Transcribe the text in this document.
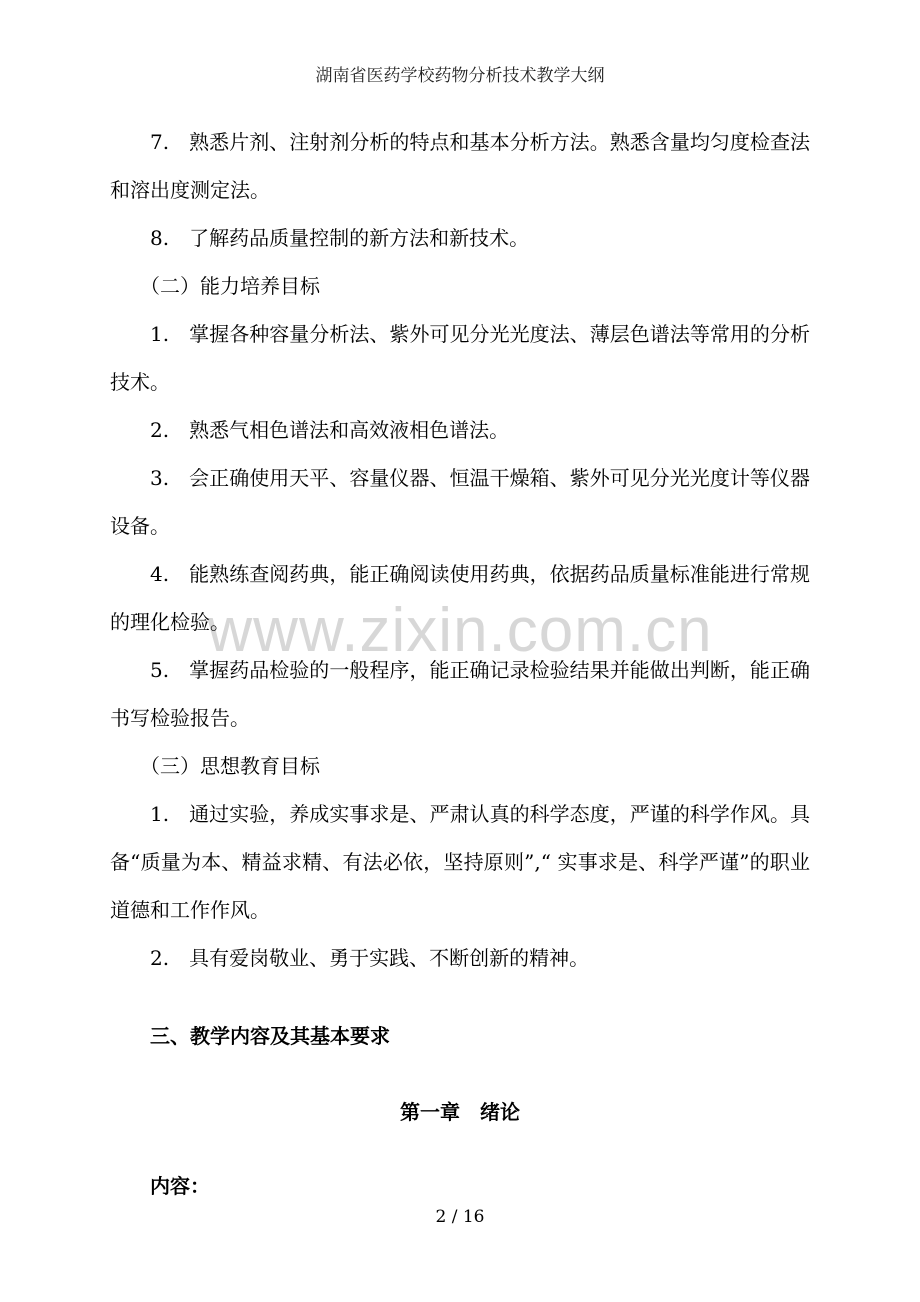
湖南省医药学校药物分析技术教学大纲
www.zixin.com.cn

7.　熟悉片剂、注射剂分析的特点和基本分析方法。熟悉含量均匀度检查法和溶出度测定法。

8.　了解药品质量控制的新方法和新技术。

（二）能力培养目标

1.　掌握各种容量分析法、紫外可见分光光度法、薄层色谱法等常用的分析技术。

2.　熟悉气相色谱法和高效液相色谱法。

3.　会正确使用天平、容量仪器、恒温干燥箱、紫外可见分光光度计等仪器设备。

4.　能熟练查阅药典，能正确阅读使用药典，依据药品质量标准能进行常规的理化检验。

5.　掌握药品检验的一般程序，能正确记录检验结果并能做出判断，能正确书写检验报告。

（三）思想教育目标

1.　通过实验，养成实事求是、严肃认真的科学态度，严谨的科学作风。具备“质量为本、精益求精、有法必依，坚持原则”,“ 实事求是、科学严谨”的职业道德和工作作风。

2.　具有爱岗敬业、勇于实践、不断创新的精神。

三、教学内容及其基本要求

第一章　绪论

内容：

2 / 16
